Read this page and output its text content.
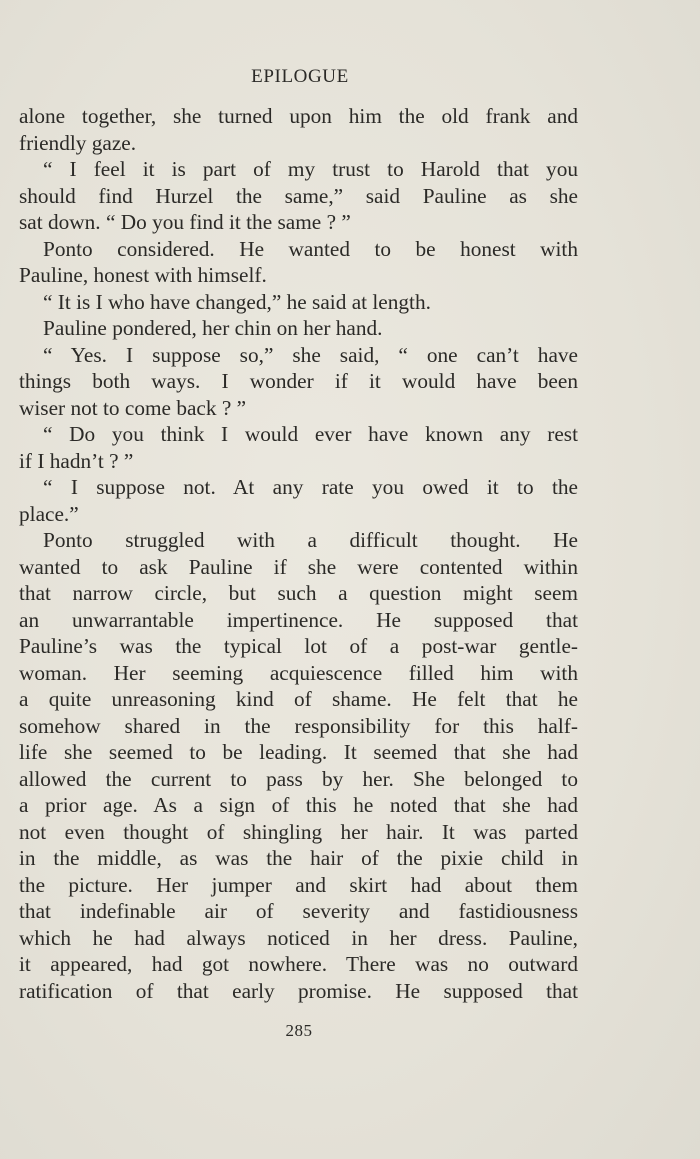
EPILOGUE
alone together, she turned upon him the old frank and
friendly gaze.
“ I feel it is part of my trust to Harold that you
should find Hurzel the same,” said Pauline as she
sat down. “ Do you find it the same ? ”
Ponto considered. He wanted to be honest with
Pauline, honest with himself.
“ It is I who have changed,” he said at length.
Pauline pondered, her chin on her hand.
“ Yes. I suppose so,” she said, “ one can’t have
things both ways. I wonder if it would have been
wiser not to come back ? ”
“ Do you think I would ever have known any rest
if I hadn’t ? ”
“ I suppose not. At any rate you owed it to the
place.”
Ponto struggled with a difficult thought. He
wanted to ask Pauline if she were contented within
that narrow circle, but such a question might seem
an unwarrantable impertinence. He supposed that
Pauline’s was the typical lot of a post-war gentle-
woman. Her seeming acquiescence filled him with
a quite unreasoning kind of shame. He felt that he
somehow shared in the responsibility for this half-
life she seemed to be leading. It seemed that she had
allowed the current to pass by her. She belonged to
a prior age. As a sign of this he noted that she had
not even thought of shingling her hair. It was parted
in the middle, as was the hair of the pixie child in
the picture. Her jumper and skirt had about them
that indefinable air of severity and fastidiousness
which he had always noticed in her dress. Pauline,
it appeared, had got nowhere. There was no outward
ratification of that early promise. He supposed that
285
